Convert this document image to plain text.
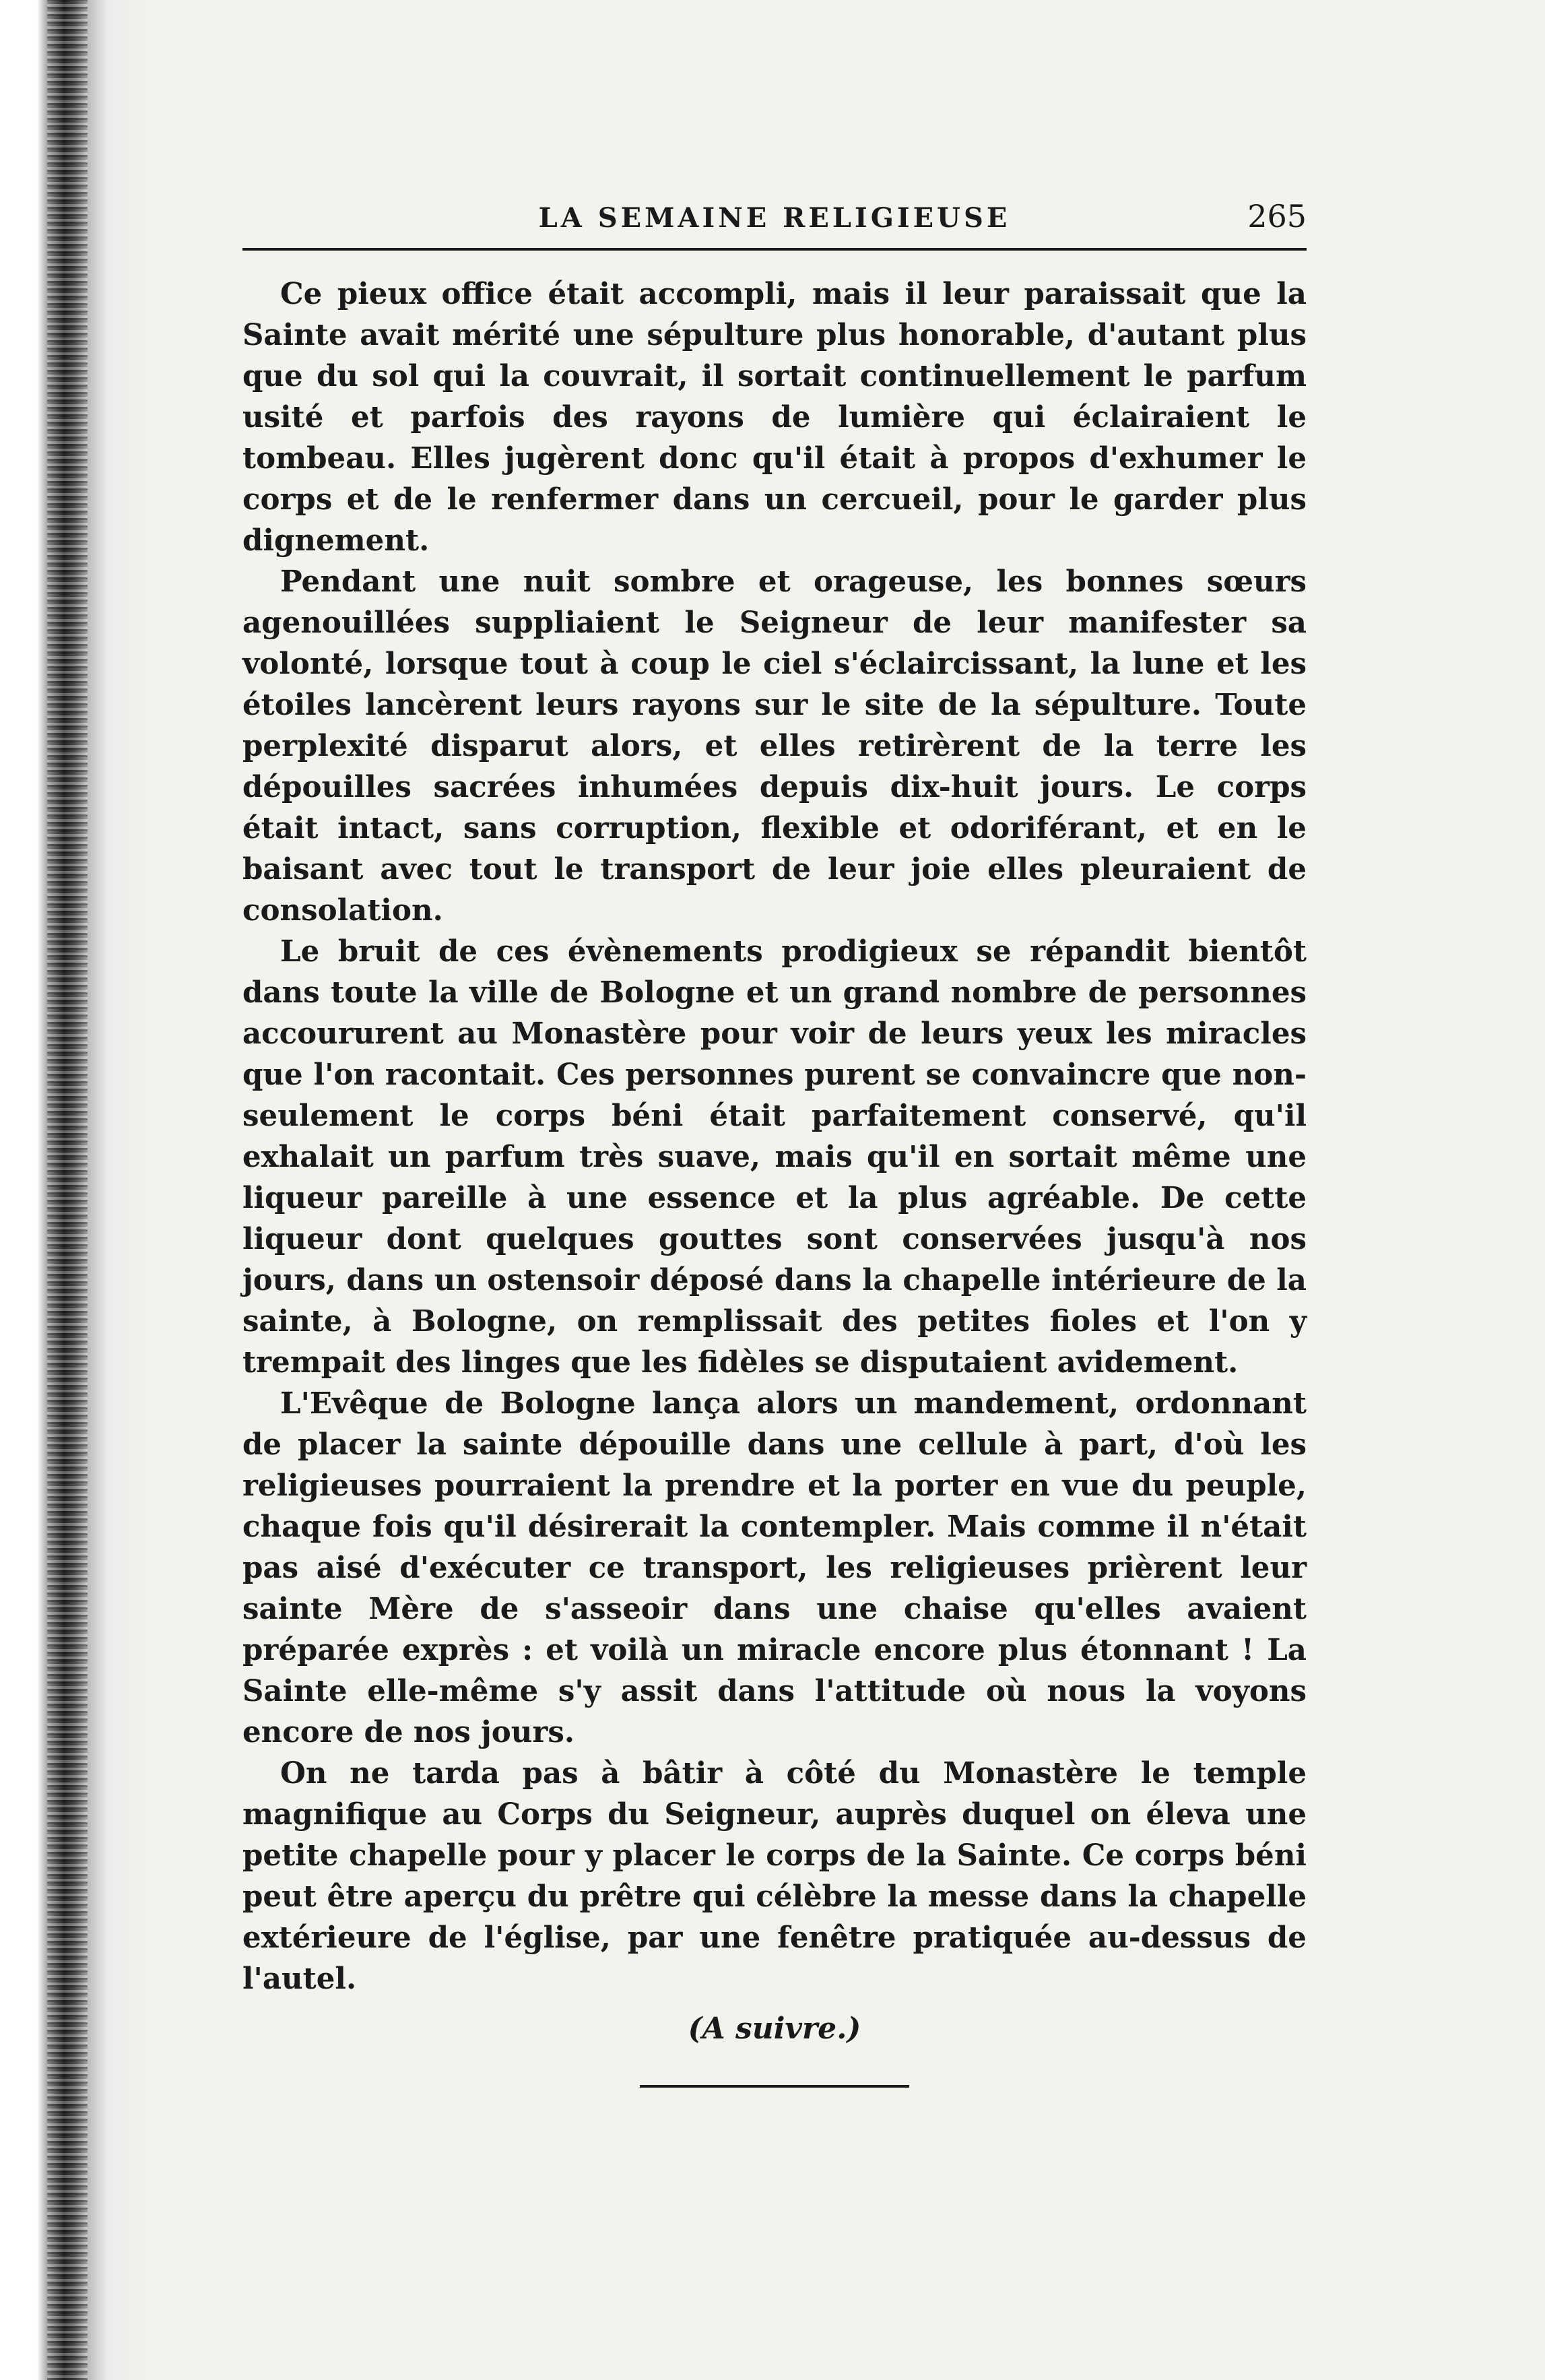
LA SEMAINE RELIGIEUSE	265

Ce pieux office était accompli, mais il leur paraissait que la Sainte avait mérité une sépulture plus honorable, d'autant plus que du sol qui la couvrait, il sortait continuellement le parfum usité et parfois des rayons de lumière qui éclairaient le tombeau. Elles jugèrent donc qu'il était à propos d'exhumer le corps et de le renfermer dans un cercueil, pour le garder plus dignement.

Pendant une nuit sombre et orageuse, les bonnes sœurs agenouillées suppliaient le Seigneur de leur manifester sa volonté, lorsque tout à coup le ciel s'éclaircissant, la lune et les étoiles lancèrent leurs rayons sur le site de la sépulture. Toute perplexité disparut alors, et elles retirèrent de la terre les dépouilles sacrées inhumées depuis dix-huit jours. Le corps était intact, sans corruption, flexible et odoriférant, et en le baisant avec tout le transport de leur joie elles pleuraient de consolation.

Le bruit de ces évènements prodigieux se répandit bientôt dans toute la ville de Bologne et un grand nombre de personnes accoururent au Monastère pour voir de leurs yeux les miracles que l'on racontait. Ces personnes purent se convaincre que non-seulement le corps béni était parfaitement conservé, qu'il exhalait un parfum très suave, mais qu'il en sortait même une liqueur pareille à une essence et la plus agréable. De cette liqueur dont quelques gouttes sont conservées jusqu'à nos jours, dans un ostensoir déposé dans la chapelle intérieure de la sainte, à Bologne, on remplissait des petites fioles et l'on y trempait des linges que les fidèles se disputaient avidement.

L'Evêque de Bologne lança alors un mandement, ordonnant de placer la sainte dépouille dans une cellule à part, d'où les religieuses pourraient la prendre et la porter en vue du peuple, chaque fois qu'il désirerait la contempler. Mais comme il n'était pas aisé d'exécuter ce transport, les religieuses prièrent leur sainte Mère de s'asseoir dans une chaise qu'elles avaient préparée exprès : et voilà un miracle encore plus étonnant ! La Sainte elle-même s'y assit dans l'attitude où nous la voyons encore de nos jours.

On ne tarda pas à bâtir à côté du Monastère le temple magnifique au Corps du Seigneur, auprès duquel on éleva une petite chapelle pour y placer le corps de la Sainte. Ce corps béni peut être aperçu du prêtre qui célèbre la messe dans la chapelle extérieure de l'église, par une fenêtre pratiquée au-dessus de l'autel.

(A suivre.)
